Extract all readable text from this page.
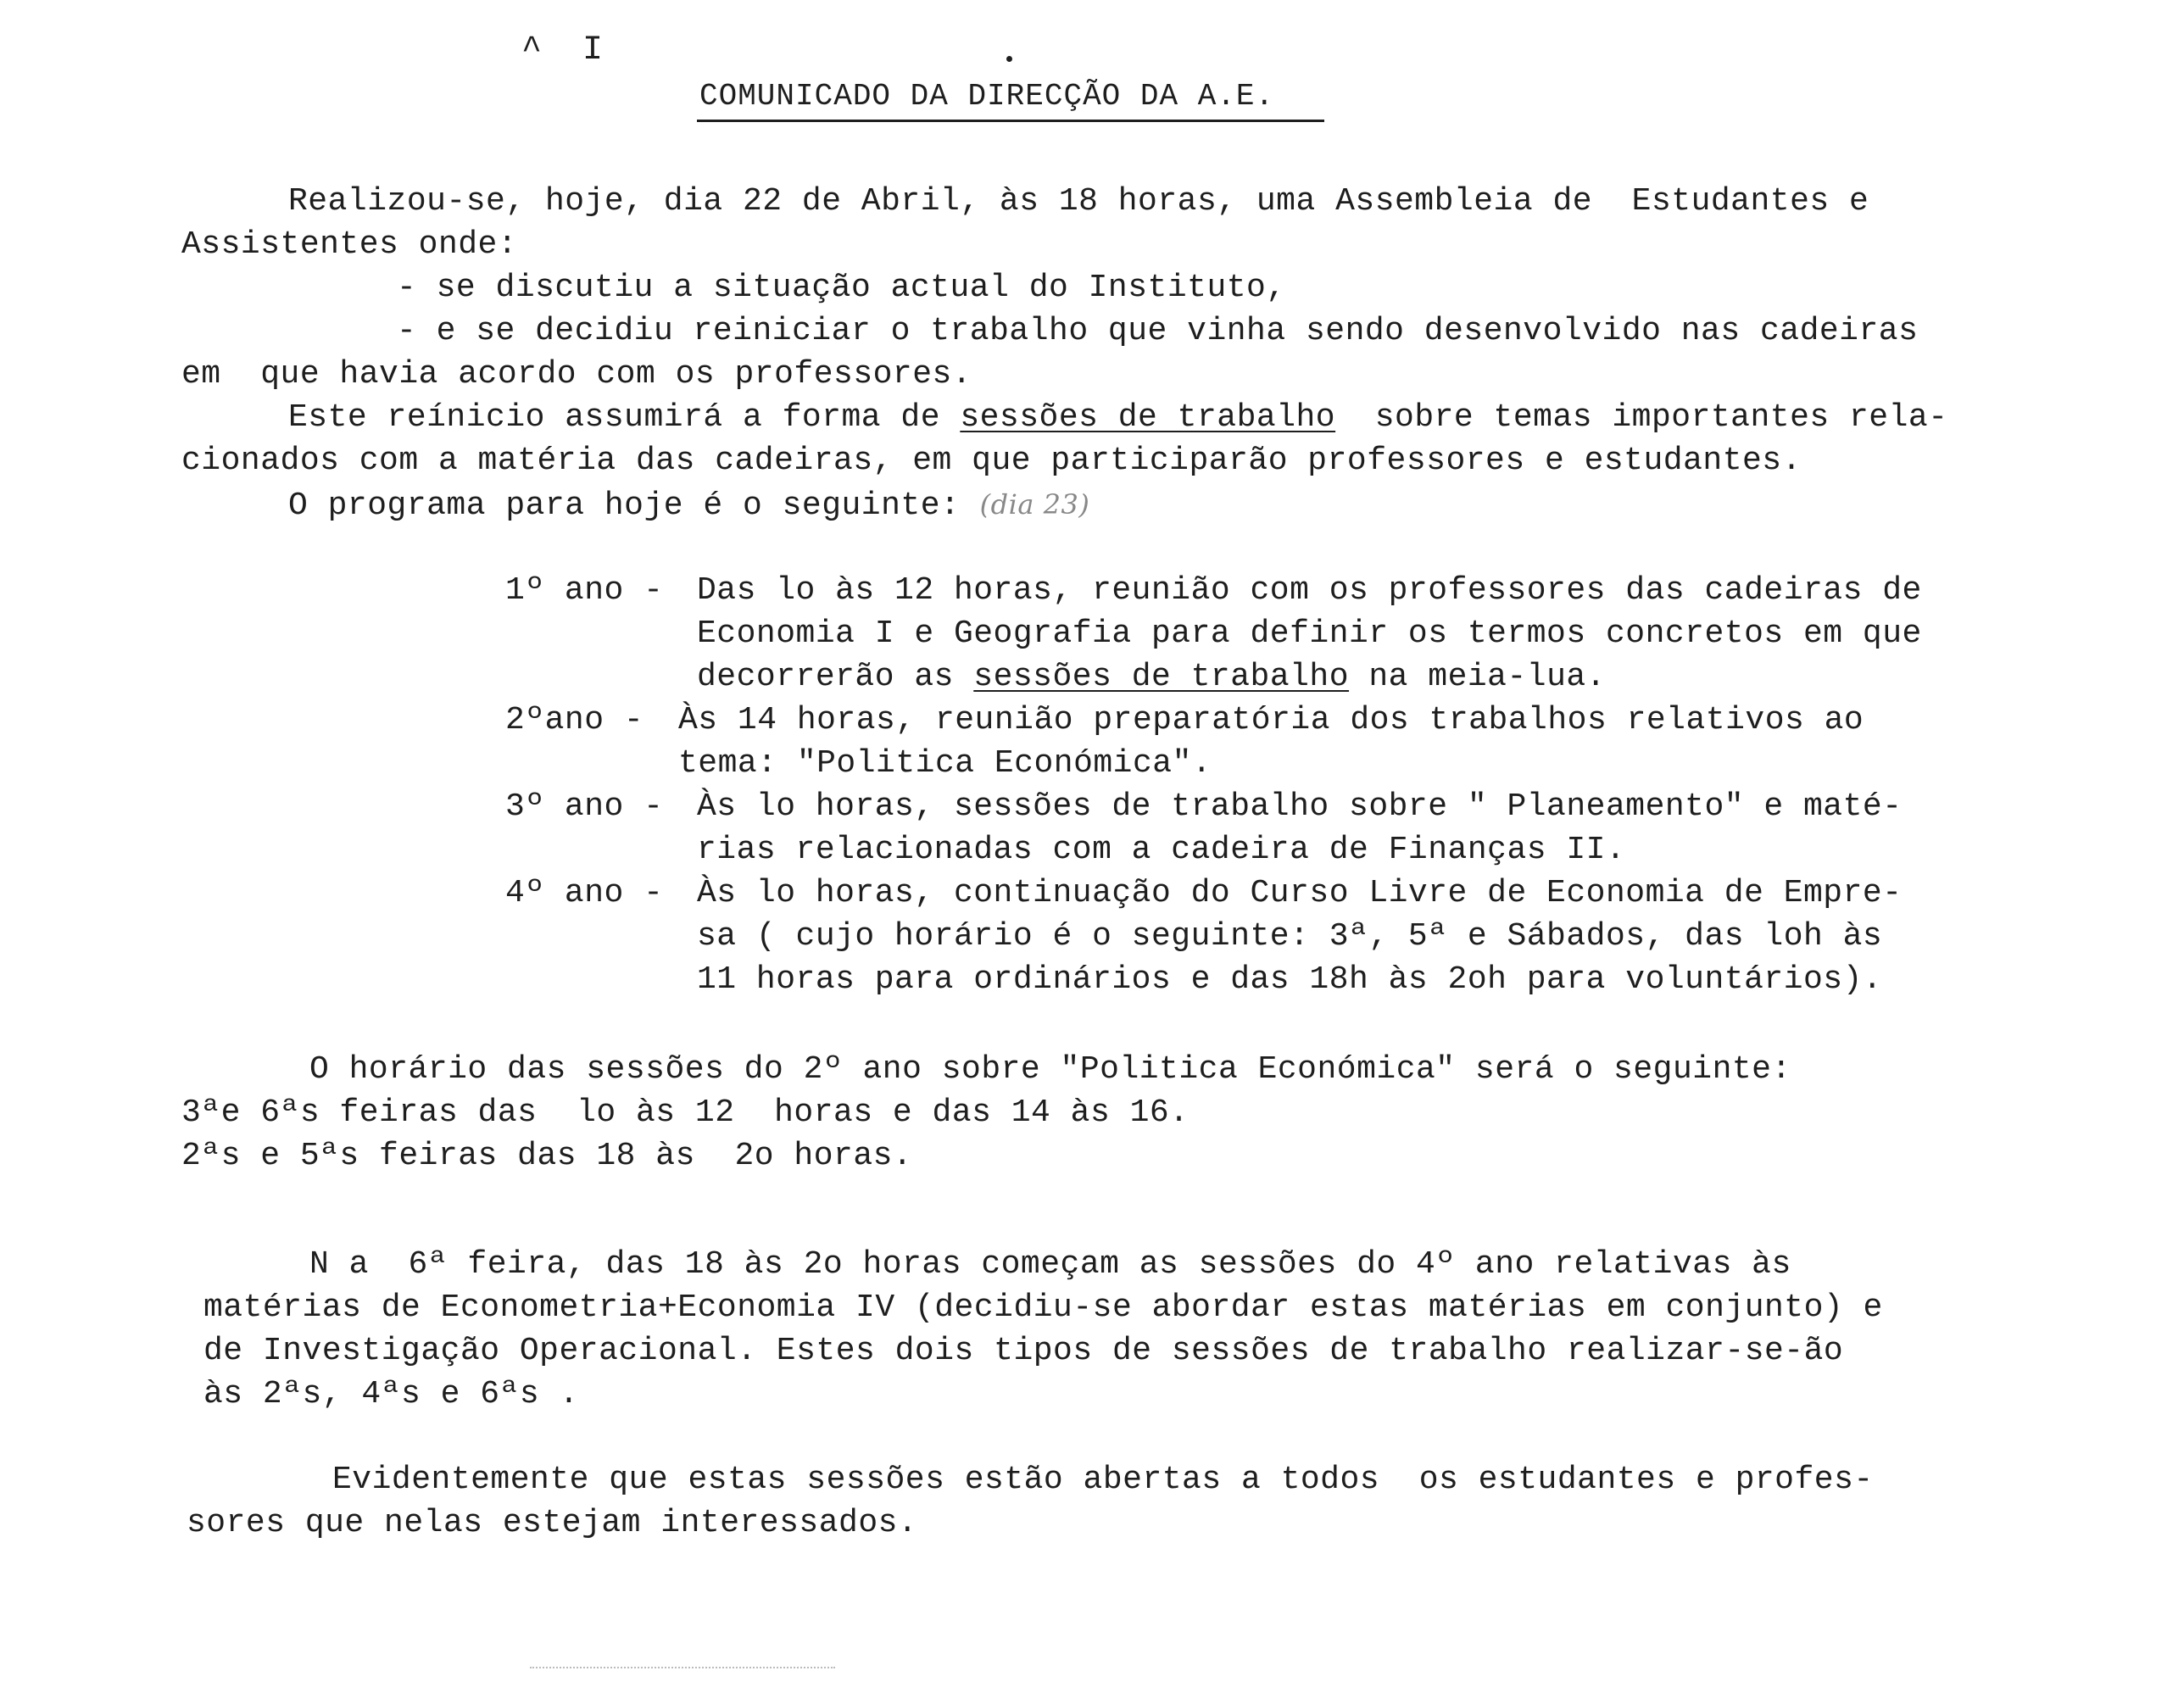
^  I
COMUNICADO DA DIRECÇÃO DA A.E.
Realizou-se, hoje, dia 22 de Abril, às 18 horas, uma Assembleia de  Estudantes e
Assistentes onde:
- se discutiu a situação actual do Instituto,
- e se decidiu reiniciar o trabalho que vinha sendo desenvolvido nas cadeiras
em  que havia acordo com os professores.
Este reínicio assumirá a forma de sessões de trabalho  sobre temas importantes rela-
cionados com a matéria das cadeiras, em que participarão professores e estudantes.
O programa para hoje é o seguinte: (dia 23)
1º ano - Das lo às 12 horas, reunião com os professores das cadeiras de
Economia I e Geografia para definir os termos concretos em que
decorrerão as sessões de trabalho na meia-lua.
2ºano - Às 14 horas, reunião preparatória dos trabalhos relativos ao
tema: "Politica Económica".
3º ano - Às lo horas, sessões de trabalho sobre " Planeamento" e maté-
rias relacionadas com a cadeira de Finanças II.
4º ano - Às lo horas, continuação do Curso Livre de Economia de Empre-
sa ( cujo horário é o seguinte: 3ª, 5ª e Sábados, das loh às
11 horas para ordinários e das 18h às 2oh para voluntários).
O horário das sessões do 2º ano sobre "Politica Económica" será o seguinte:
3ªe 6ªs feiras das  lo às 12  horas e das 14 às 16.
2ªs e 5ªs feiras das 18 às  2o horas.
N a  6ª feira, das 18 às 2o horas começam as sessões do 4º ano relativas às
matérias de Econometria+Economia IV (decidiu-se abordar estas matérias em conjunto) e
de Investigação Operacional. Estes dois tipos de sessões de trabalho realizar-se-ão
às 2ªs, 4ªs e 6ªs .
Evidentemente que estas sessões estão abertas a todos  os estudantes e profes-
sores que nelas estejam interessados.
